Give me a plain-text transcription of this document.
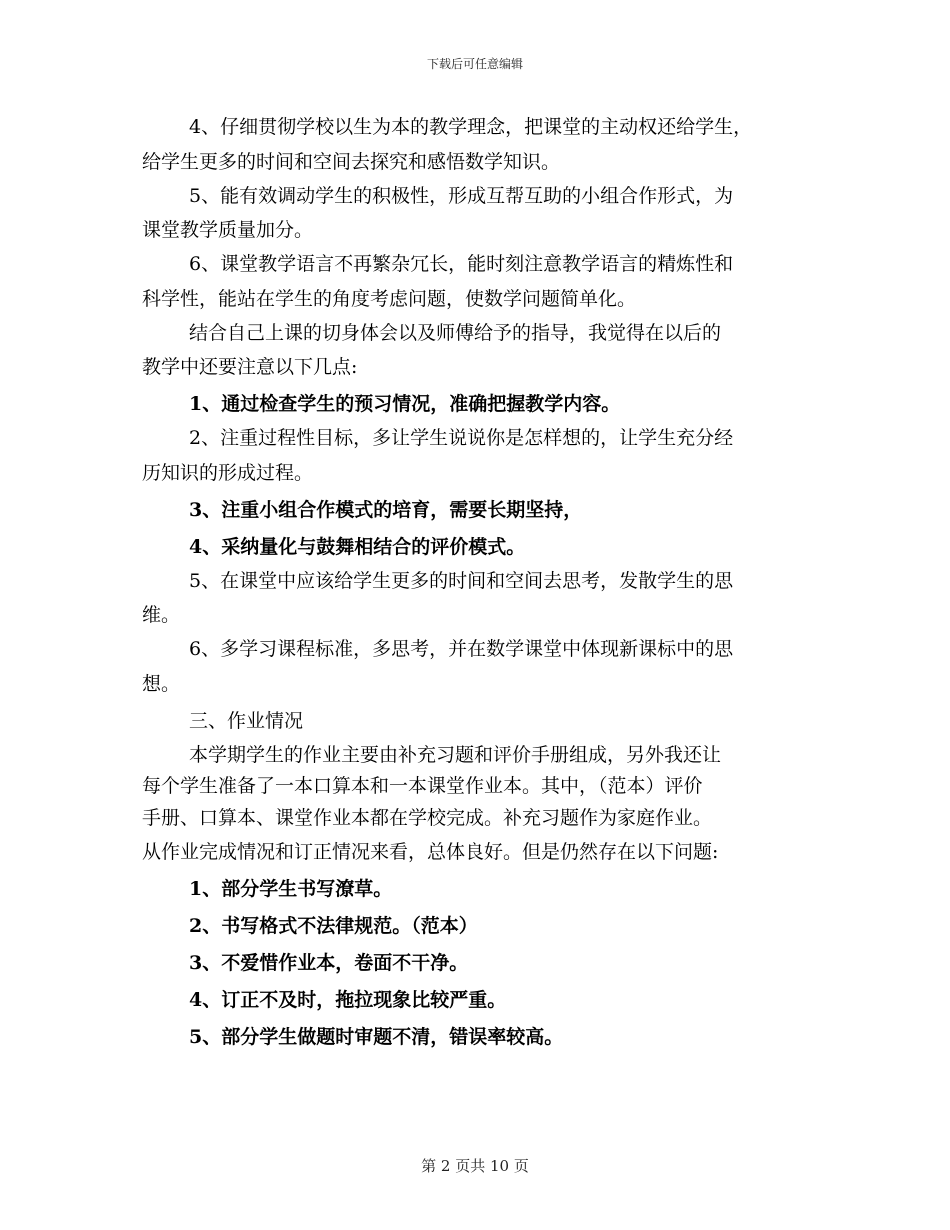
下载后可任意编辑
4、仔细贯彻学校以生为本的教学理念，把课堂的主动权还给学生，
给学生更多的时间和空间去探究和感悟数学知识。
5、能有效调动学生的积极性，形成互帮互助的小组合作形式，为
课堂教学质量加分。
6、课堂教学语言不再繁杂冗长，能时刻注意教学语言的精炼性和
科学性，能站在学生的角度考虑问题，使数学问题简单化。
结合自己上课的切身体会以及师傅给予的指导，我觉得在以后的
教学中还要注意以下几点:
1、通过检查学生的预习情况，准确把握教学内容。
2、注重过程性目标，多让学生说说你是怎样想的，让学生充分经
历知识的形成过程。
3、注重小组合作模式的培育，需要长期坚持，
4、采纳量化与鼓舞相结合的评价模式。
5、在课堂中应该给学生更多的时间和空间去思考，发散学生的思
维。
6、多学习课程标准，多思考，并在数学课堂中体现新课标中的思
想。
三、作业情况
本学期学生的作业主要由补充习题和评价手册组成，另外我还让
每个学生准备了一本口算本和一本课堂作业本。其中，（范本）评价
手册、口算本、课堂作业本都在学校完成。补充习题作为家庭作业。
从作业完成情况和订正情况来看，总体良好。但是仍然存在以下问题:
1、部分学生书写潦草。
2、书写格式不法律规范。（范本）
3、不爱惜作业本，卷面不干净。
4、订正不及时，拖拉现象比较严重。
5、部分学生做题时审题不清，错误率较高。
第 2 页共 10 页
